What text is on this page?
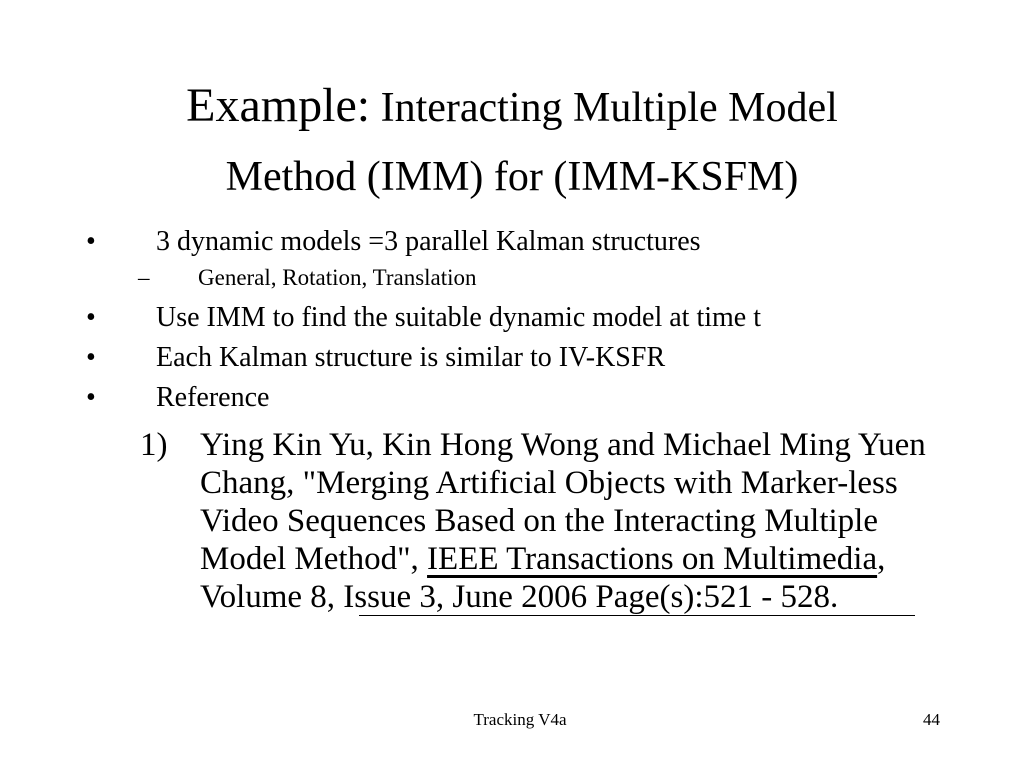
Example: Interacting Multiple Model
Method (IMM) for (IMM-KSFM)
• 3 dynamic models =3 parallel Kalman structures
– General, Rotation, Translation
• Use IMM to find the suitable dynamic model at time t
• Each Kalman structure is similar to IV-KSFR
• Reference
1) Ying Kin Yu, Kin Hong Wong and Michael Ming Yuen Chang, "Merging Artificial Objects with Marker-less Video Sequences Based on the Interacting Multiple Model Method", IEEE Transactions on Multimedia, Volume 8, Issue 3, June 2006 Page(s):521 - 528.
Tracking V4a	44
